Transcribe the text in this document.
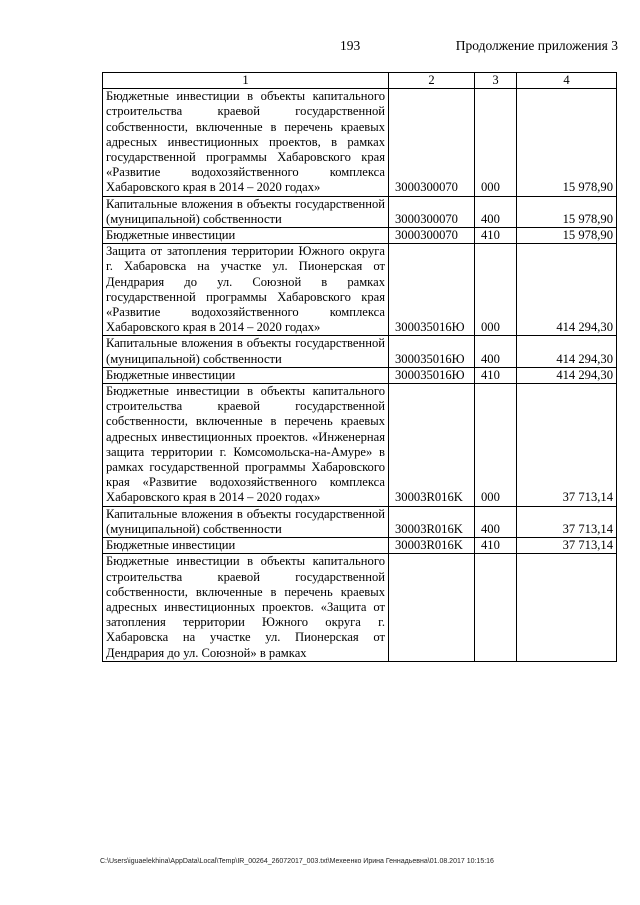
193	Продолжение приложения 3
1	2	3	4
Бюджетные инвестиции в объекты капитального строительства краевой государственной собственности, включенные в перечень краевых адресных инвестиционных проектов, в рамках государственной программы Хабаровского края «Развитие водохозяйственного комплекса Хабаровского края в 2014 – 2020 годах»	3000300070	000	15 978,90
Капитальные вложения в объекты государственной (муниципальной) собственности	3000300070	400	15 978,90
Бюджетные инвестиции	3000300070	410	15 978,90
Защита от затопления территории Южного округа г. Хабаровска на участке ул. Пионерская от Дендрария до ул. Союзной в рамках государственной программы Хабаровского края «Развитие водохозяйственного комплекса Хабаровского края в 2014 – 2020 годах»	300035016Ю	000	414 294,30
Капитальные вложения в объекты государственной (муниципальной) собственности	300035016Ю	400	414 294,30
Бюджетные инвестиции	300035016Ю	410	414 294,30
Бюджетные инвестиции в объекты капитального строительства краевой государственной собственности, включенные в перечень краевых адресных инвестиционных проектов. «Инженерная защита территории г. Комсомольска-на-Амуре» в рамках государственной программы Хабаровского края «Развитие водохозяйственного комплекса Хабаровского края в 2014 – 2020 годах»	30003R016K	000	37 713,14
Капитальные вложения в объекты государственной (муниципальной) собственности	30003R016K	400	37 713,14
Бюджетные инвестиции	30003R016K	410	37 713,14
Бюджетные инвестиции в объекты капитального строительства краевой государственной собственности, включенные в перечень краевых адресных инвестиционных проектов. «Защита от затопления территории Южного округа г. Хабаровска на участке ул. Пионерская от Дендрария до ул. Союзной» в рамках			
C:\Users\iguaelekhina\AppData\Local\Temp\IR_00264_26072017_003.txt\Мехеенко Ирина Геннадьевна\01.08.2017 10:15:16
